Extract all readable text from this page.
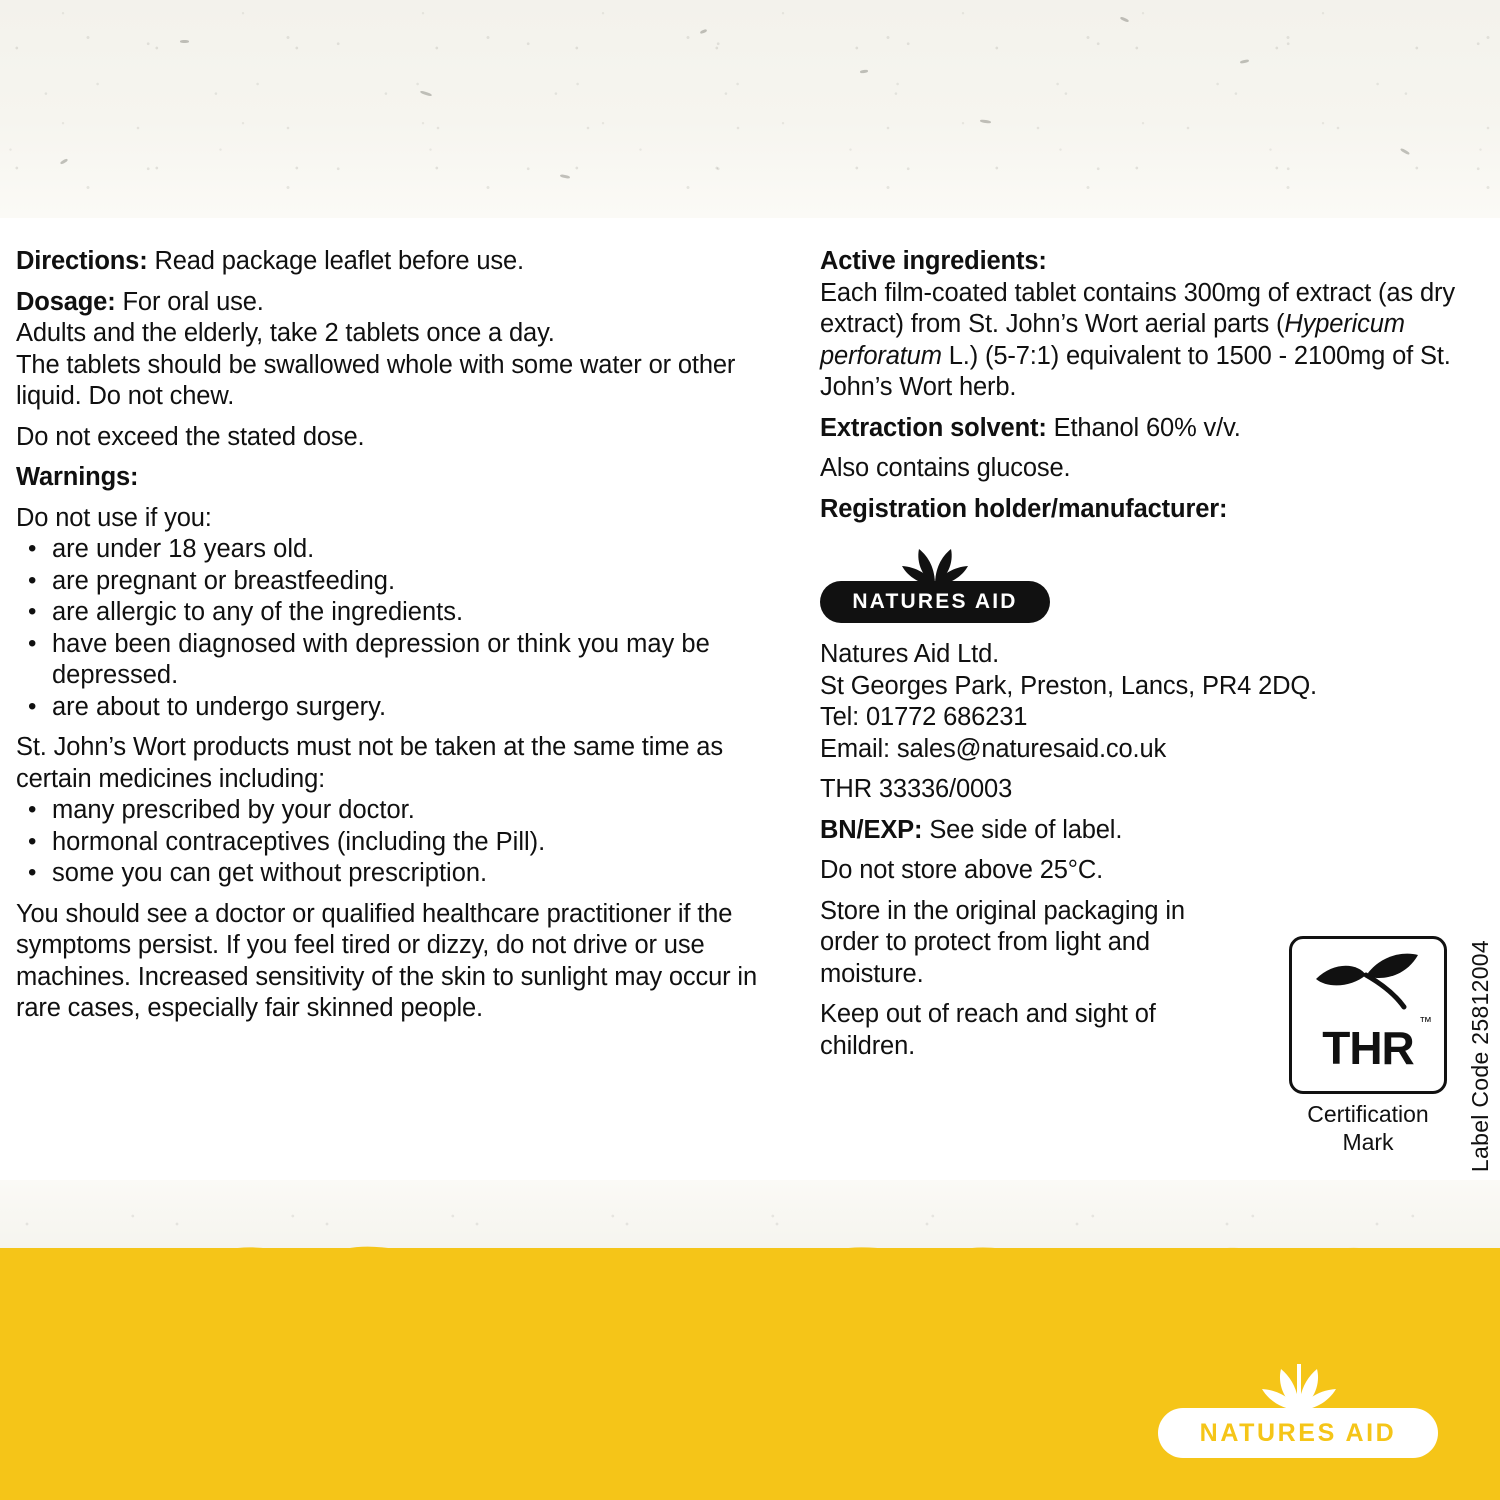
Directions: Read package leaflet before use.

Dosage: For oral use.

Adults and the elderly, take 2 tablets once a day.

The tablets should be swallowed whole with some water or other liquid. Do not chew.

Do not exceed the stated dose.

Warnings:

Do not use if you:

• are under 18 years old.
• are pregnant or breastfeeding.
• are allergic to any of the ingredients.
• have been diagnosed with depression or think you may be depressed.
• are about to undergo surgery.

St. John’s Wort products must not be taken at the same time as certain medicines including:

• many prescribed by your doctor.
• hormonal contraceptives (including the Pill).
• some you can get without prescription.

You should see a doctor or qualified healthcare practitioner if the symptoms persist. If you feel tired or dizzy, do not drive or use machines. Increased sensitivity of the skin to sunlight may occur in rare cases, especially fair skinned people.

Active ingredients:

Each film-coated tablet contains 300mg of extract (as dry extract) from St. John’s Wort aerial parts (Hypericum perforatum L.) (5-7:1) equivalent to 1500 - 2100mg of St. John’s Wort herb.

Extraction solvent: Ethanol 60% v/v.

Also contains glucose.

Registration holder/manufacturer:

NATURES AID

Natures Aid Ltd.

St Georges Park, Preston, Lancs, PR4 2DQ.

Tel: 01772 686231

Email: sales@naturesaid.co.uk

THR 33336/0003

BN/EXP: See side of label.

Do not store above 25°C.

Store in the original packaging in order to protect from light and moisture.

Keep out of reach and sight of children.

™
THR
Certification Mark	Label Code 25812004
NATURES AID
